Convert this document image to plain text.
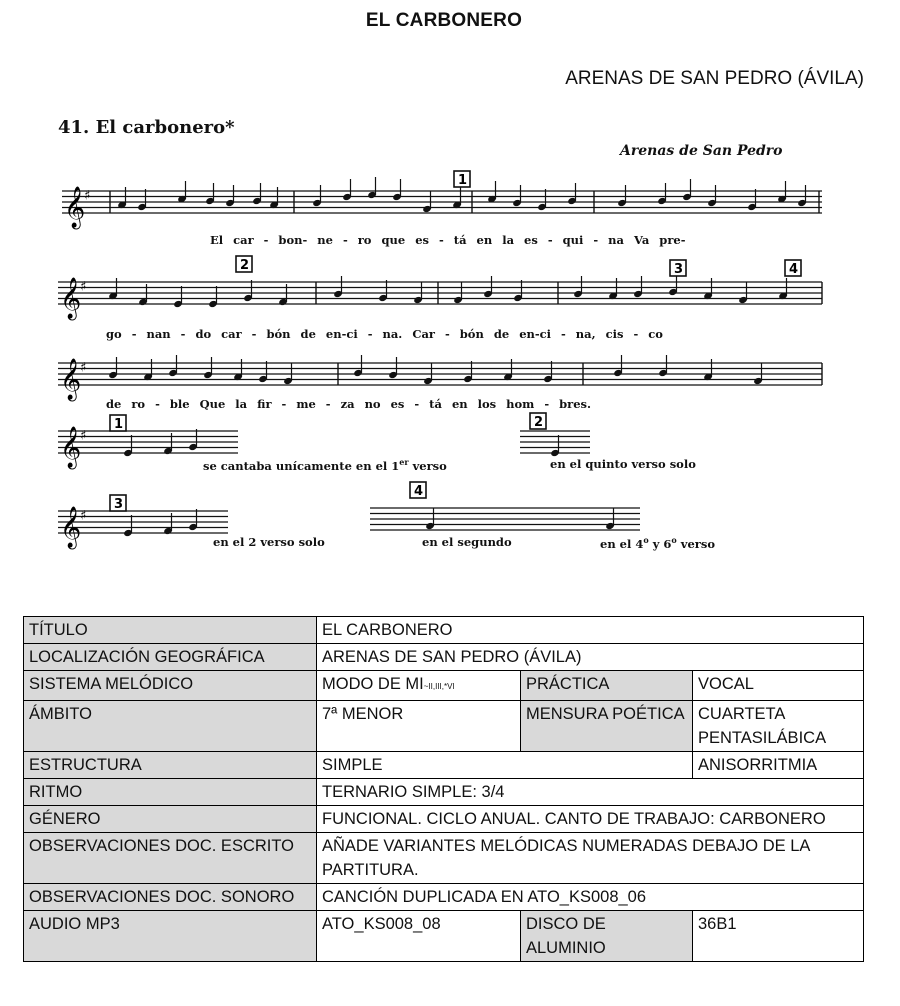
EL CARBONERO
ARENAS DE SAN PEDRO (ÁVILA)
41. El carbonero*
Arenas de San Pedro
𝄞
♯
1
El car - bon- ne - ro que es - tá en la es - qui - na Va pre-
𝄞
♯
2	3	4
go - nan - do car - bón de en-ci - na. Car - bón de en-ci - na, cis - co
𝄞
♯
de ro - ble Que la fir - me - za no es - tá en los hom - bres.
𝄞
♯
1
se cantaba unícamente en el 1er verso
2
en el quinto verso solo
𝄞
♯
3
en el 2 verso solo
4
en el segundo	en el 4$^o$ y 6$^o$ verso
TÍTULO	EL CARBONERO		
LOCALIZACIÓN GEOGRÁFICA	ARENAS DE SAN PEDRO (ÁVILA)		
SISTEMA MELÓDICO	MODO DE MI~II,III,*VI	PRÁCTICA	VOCAL
ÁMBITO	7ª MENOR	MENSURA POÉTICA	CUARTETA PENTASILÁBICA
ESTRUCTURA	SIMPLE		ANISORRITMIA
RITMO	TERNARIO SIMPLE: 3/4		
GÉNERO	FUNCIONAL. CICLO ANUAL. CANTO DE TRABAJO: CARBONERO		
OBSERVACIONES DOC. ESCRITO	AÑADE VARIANTES MELÓDICAS NUMERADAS DEBAJO DE LA PARTITURA.		
OBSERVACIONES DOC. SONORO	CANCIÓN DUPLICADA EN ATO_KS008_06		
AUDIO MP3	ATO_KS008_08	DISCO DE ALUMINIO	36B1
